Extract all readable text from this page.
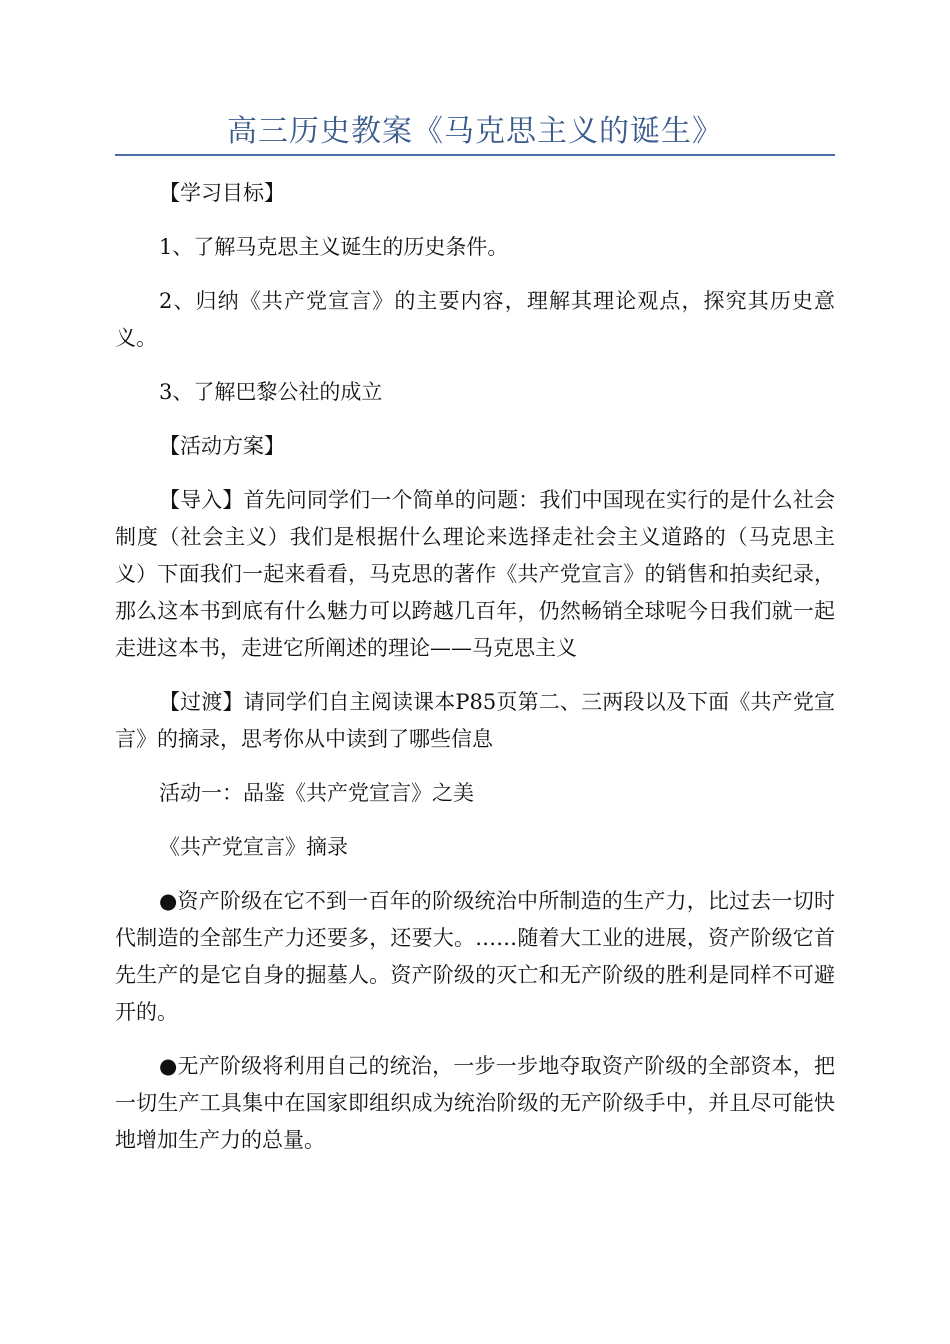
高三历史教案《马克思主义的诞生》

【学习目标】

1、了解马克思主义诞生的历史条件。

2、归纳《共产党宣言》的主要内容，理解其理论观点，探究其历史意义。

3、了解巴黎公社的成立

【活动方案】

【导入】首先问同学们一个简单的问题：我们中国现在实行的是什么社会制度（社会主义）我们是根据什么理论来选择走社会主义道路的（马克思主义）下面我们一起来看看，马克思的著作《共产党宣言》的销售和拍卖纪录，那么这本书到底有什么魅力可以跨越几百年，仍然畅销全球呢今日我们就一起走进这本书，走进它所阐述的理论——马克思主义

【过渡】请同学们自主阅读课本P85页第二、三两段以及下面《共产党宣言》的摘录，思考你从中读到了哪些信息

活动一：品鉴《共产党宣言》之美

《共产党宣言》摘录

●资产阶级在它不到一百年的阶级统治中所制造的生产力，比过去一切时代制造的全部生产力还要多，还要大。……随着大工业的进展，资产阶级它首先生产的是它自身的掘墓人。资产阶级的灭亡和无产阶级的胜利是同样不可避开的。

●无产阶级将利用自己的统治，一步一步地夺取资产阶级的全部资本，把一切生产工具集中在国家即组织成为统治阶级的无产阶级手中，并且尽可能快地增加生产力的总量。
